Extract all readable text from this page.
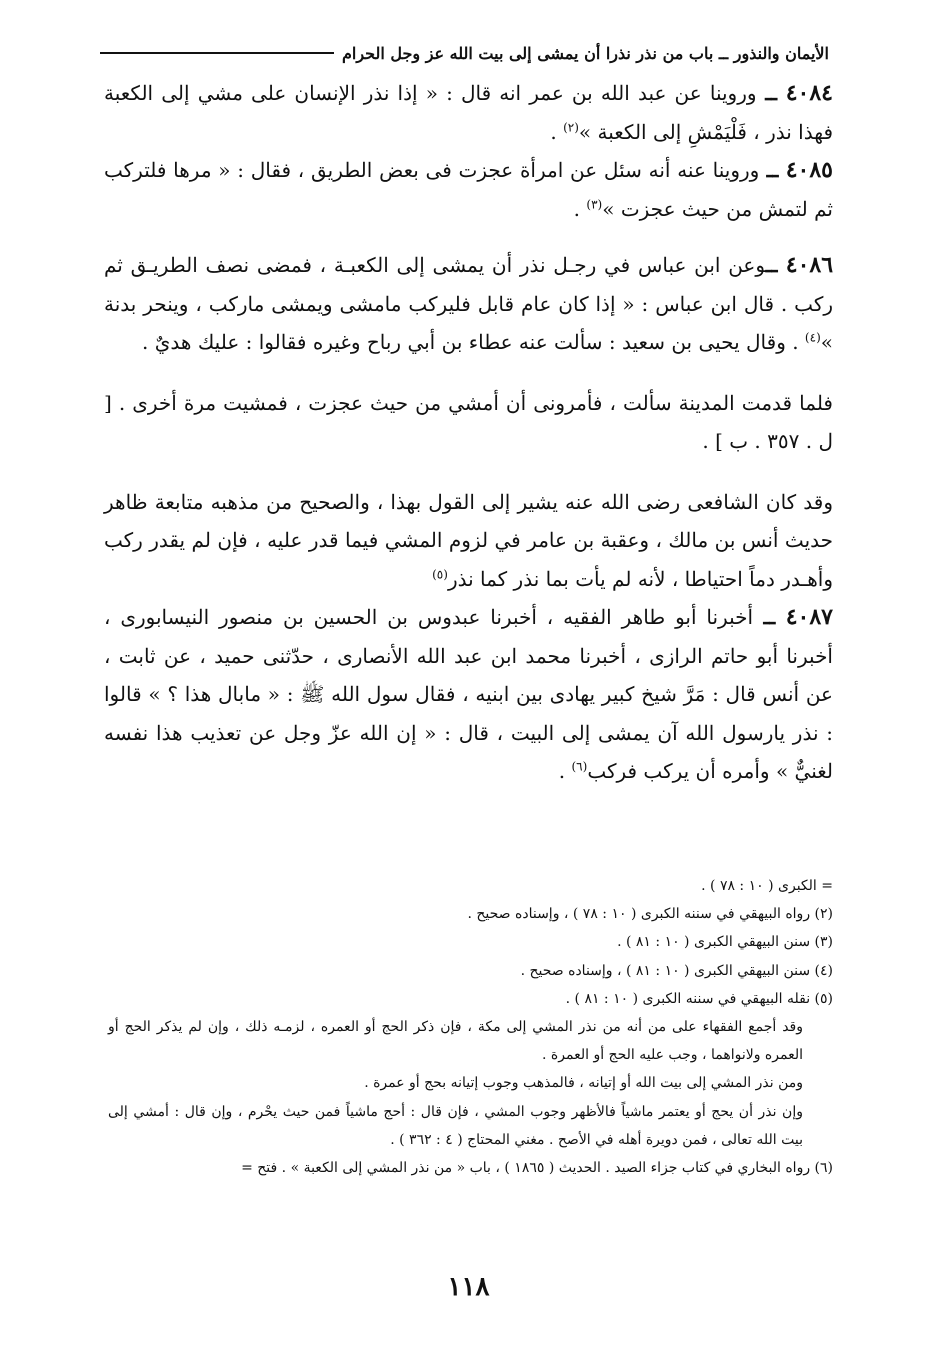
الأيمان والنذور ــ باب من نذر نذرا أن يمشى إلى بيت الله عز وجل الحرام

٤٠٨٤ ــ وروينا عن عبد الله بن عمر انه قال : « إذا نذر الإنسان على مشي إلى الكعبة فهذا نذر ، فَلْيَمْشِ إلى الكعبة »$^{(٢)}$ .

٤٠٨٥ ــ وروينا عنه أنه سئل عن امرأة عجزت فى بعض الطريق ، فقال : « مرها فلتركب ثم لتمش من حيث عجزت »$^{(٣)}$ .

٤٠٨٦ ــوعن ابن عباس في رجـل نذر أن يمشى إلى الكعبـة ، فمضى نصف الطريـق ثم ركب . قال ابن عباس : « إذا كان عام قابل فليركب مامشى ويمشى ماركب ، وينحر بدنة »$^{(٤)}$ . وقال يحيى بن سعيد : سألت عنه عطاء بن أبي رباح وغيره فقالوا : عليك هديٌ .

فلما قدمت المدينة سألت ، فأمرونى أن أمشي من حيث عجزت ، فمشيت مرة أخرى . [ ل . ٣٥٧ . ب ] .

وقد كان الشافعى رضى الله عنه يشير إلى القول بهذا ، والصحيح من مذهبه متابعة ظاهر حديث أنس بن مالك ، وعقبة بن عامر في لزوم المشي فيما قدر عليه ، فإن لم يقدر ركب وأهـدر دماً احتياطا ، لأنه لم يأت بما نذر كما نذر$^{(٥)}$

٤٠٨٧ ــ أخبرنا أبو طاهر الفقيه ، أخبرنا عبدوس بن الحسين بن منصور النيسابورى ، أخبرنا أبو حاتم الرازى ، أخبرنا محمد ابن عبد الله الأنصارى ، حدّثنى حميد ، عن ثابت ، عن أنس قال : مَرَّ شيخ كبير يهادى بين ابنيه ، فقال سول الله ﷺ : « مابال هذا ؟ » قالوا : نذر يارسول الله آن يمشى إلى البيت ، قال : « إن الله عزّ وجل عن تعذيب هذا نفسه لغنيٌّ » وأمره أن يركب فركب$^{(٦)}$ .

= الكبرى ( ١٠ : ٧٨ ) .

(٢) رواه البيهقي في سننه الكبرى ( ١٠ : ٧٨ ) ، وإسناده صحيح .

(٣) سنن البيهقي الكبرى ( ١٠ : ٨١ ) .

(٤) سنن البيهقي الكبرى ( ١٠ : ٨١ ) ، وإسناده صحيح .

(٥) نقله البيهقي في سننه الكبرى ( ١٠ : ٨١ ) .

وقد أجمع الفقهاء على من أنه من نذر المشي إلى مكة ، فإن ذكر الحج أو العمره ، لزمـه ذلك ، وإن لم يذكر الحج أو العمره ولانواهما ، وجب عليه الحج أو العمرة .

ومن نذر المشي إلى بيت الله أو إتيانه ، فالمذهب وجوب إتيانه بحج أو عمرة .

وإن نذر أن يحج أو يعتمر ماشياً فالأظهر وجوب المشي ، فإن قال : أحج ماشياً فمن حيث يحْرم ، وإن قال : أمشي إلى بيت الله تعالى ، فمن دويرة أهله في الأصح . مغني المحتاج ( ٤ : ٣٦٢ ) .

(٦) رواه البخاري في كتاب جزاء الصيد . الحديث ( ١٨٦٥ ) ، باب « من نذر المشي إلى الكعبة » . فتح =

١١٨
